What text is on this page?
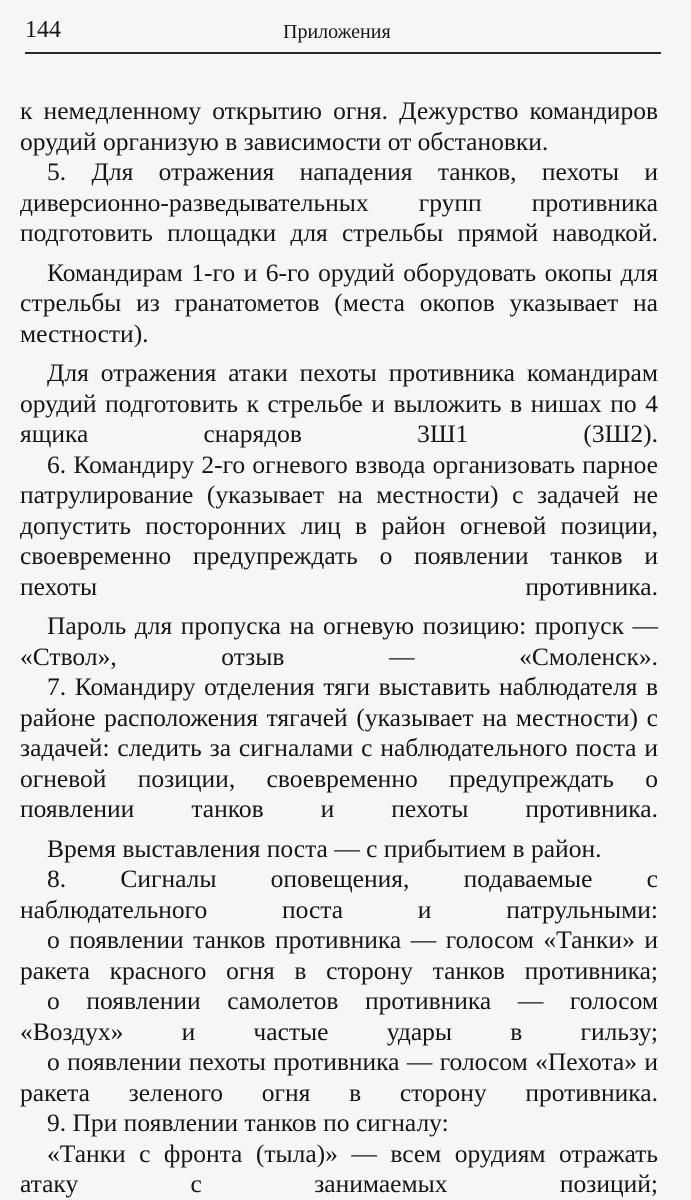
144	Приложения

к немедленному открытию огня. Дежурство командиров орудий организую в зависимости от обстановки.

5. Для отражения нападения танков, пехоты и диверсионно-разведывательных групп противника подготовить площадки для стрельбы прямой наводкой.

Командирам 1-го и 6-го орудий оборудовать окопы для стрельбы из гранатометов (места окопов указывает на местности).

Для отражения атаки пехоты противника командирам орудий подготовить к стрельбе и выложить в нишах по 4 ящика снарядов 3Ш1 (3Ш2).

6. Командиру 2-го огневого взвода организовать парное патрулирование (указывает на местности) с задачей не допустить посторонних лиц в район огневой позиции, своевременно предупреждать о появлении танков и пехоты противника.

Пароль для пропуска на огневую позицию: пропуск — «Ствол», отзыв — «Смоленск».

7. Командиру отделения тяги выставить наблюдателя в районе расположения тягачей (указывает на местности) с задачей: следить за сигналами с наблюдательного поста и огневой позиции, своевременно предупреждать о появлении танков и пехоты противника.

Время выставления поста — с прибытием в район.

8. Сигналы оповещения, подаваемые с наблюдательного поста и патрульными:

о появлении танков противника — голосом «Танки» и ракета красного огня в сторону танков противника;

о появлении самолетов противника — голосом «Воздух» и частые удары в гильзу;

о появлении пехоты противника — голосом «Пехота» и ракета зеленого огня в сторону противника.

9. При появлении танков по сигналу:

«Танки с фронта (тыла)» — всем орудиям отражать атаку с занимаемых позиций;
